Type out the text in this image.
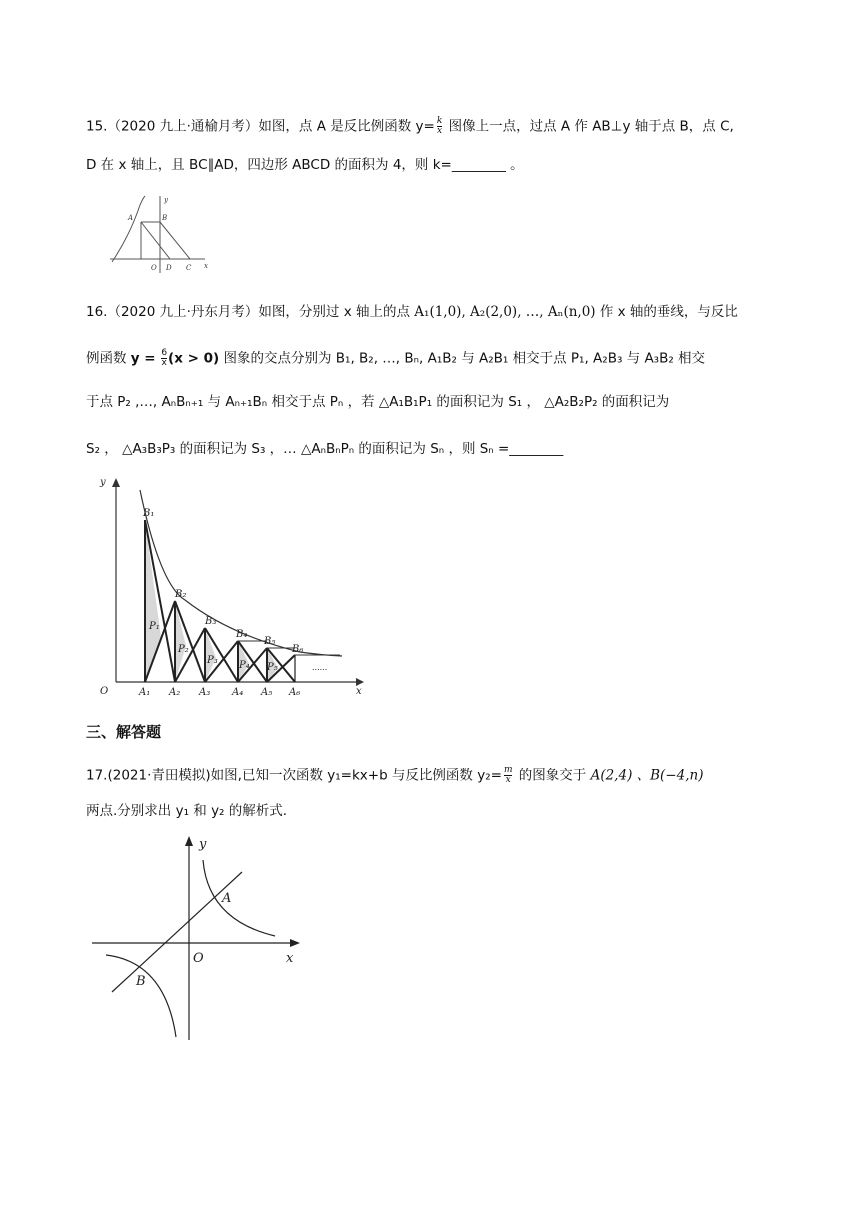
15.（2020 九上·通榆月考）如图，点 A 是反比例函数 $y= \frac{k}{x}$ 图像上一点，过点 A 作 AB⊥y 轴于点 B，点 C,
D 在 x 轴上，且 BC∥AD，四边形 ABCD 的面积为 4，则 k=________ 。
A	B
y
O D C x
16.（2020 九上·丹东月考）如图，分别过 x 轴上的点 A₁(1,0), A₂(2,0), …, Aₙ(n,0) 作 x 轴的垂线，与反比
例函数 $y = \frac{6}{x} (x > 0)$ 图象的交点分别为 B₁, B₂, …, Bₙ, A₁B₂ 与 A₂B₁ 相交于点 P₁, A₂B₃ 与 A₃B₂ 相交
于点 P₂ ,…, AₙBₙ₊₁ 与 Aₙ₊₁Bₙ 相交于点 Pₙ ，若 △A₁B₁P₁ 的面积记为 S₁ ， △A₂B₂P₂ 的面积记为
S₂ ， △A₃B₃P₃ 的面积记为 S₃ ，… △AₙBₙPₙ 的面积记为 Sₙ ，则 Sₙ =________
y
x
O
......
A₁ A₂ A₃ A₄ A₅ A₆
B₁
B₂
B₃
B₄
B₅
B₆
P₁
P₂
P₃ P₄ P₅
三、解答题
17.(2021·青田模拟)如图,已知一次函数 y₁=kx+b 与反比例函数 $y_2= \frac{m}{x}$ 的图象交于 A(2,4) 、B(−4,n)
两点.分别求出 y₁ 和 y₂ 的解析式.
y
x
O
A
B
